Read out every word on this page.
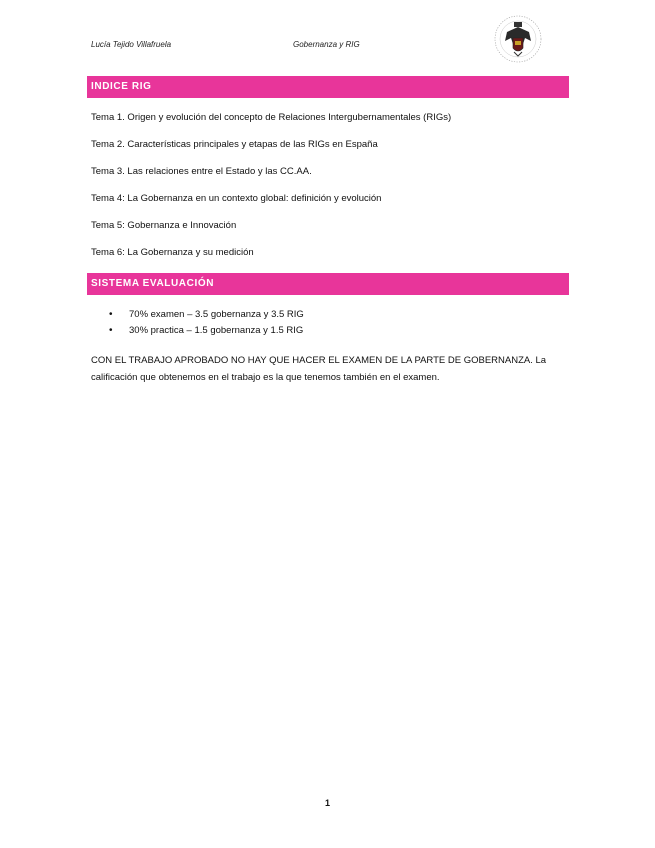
Lucía Tejido Villafruela	Gobernanza y RIG
INDICE RIG
Tema 1. Origen y evolución del concepto de Relaciones Intergubernamentales (RIGs)
Tema 2. Características principales y etapas de las RIGs en España
Tema 3. Las relaciones entre el Estado y las CC.AA.
Tema 4: La Gobernanza en un contexto global: definición y evolución
Tema 5: Gobernanza e Innovación
Tema 6: La Gobernanza y su medición
SISTEMA EVALUACIÓN
•	70% examen – 3.5 gobernanza y 3.5 RIG
•	30% practica – 1.5 gobernanza y 1.5 RIG
CON EL TRABAJO APROBADO NO HAY QUE HACER EL EXAMEN DE LA PARTE DE GOBERNANZA. La calificación que obtenemos en el trabajo es la que tenemos también en el examen.
1
